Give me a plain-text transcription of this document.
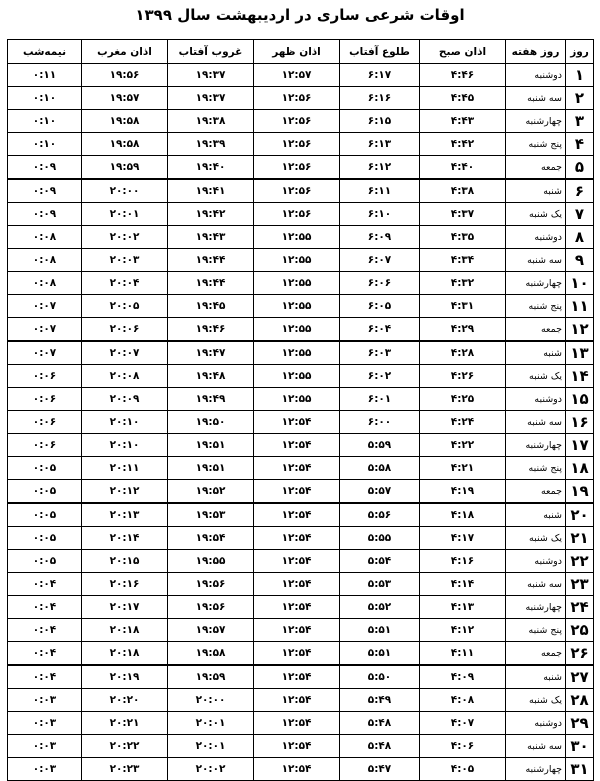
اوقات شرعی ساری در اردیبهشت سال ۱۳۹۹
روز	روز هفته	اذان صبح	طلوع آفتاب	اذان ظهر	غروب آفتاب	اذان مغرب	نیمه‌شب
۱	دوشنبه	۴:۴۶	۶:۱۷	۱۲:۵۷	۱۹:۳۷	۱۹:۵۶	۰:۱۱
۲	سه شنبه	۴:۴۵	۶:۱۶	۱۲:۵۶	۱۹:۳۷	۱۹:۵۷	۰:۱۰
۳	چهارشنبه	۴:۴۳	۶:۱۵	۱۲:۵۶	۱۹:۳۸	۱۹:۵۸	۰:۱۰
۴	پنج شنبه	۴:۴۲	۶:۱۳	۱۲:۵۶	۱۹:۳۹	۱۹:۵۸	۰:۱۰
۵	جمعه	۴:۴۰	۶:۱۲	۱۲:۵۶	۱۹:۴۰	۱۹:۵۹	۰:۰۹
۶	شنبه	۴:۳۸	۶:۱۱	۱۲:۵۶	۱۹:۴۱	۲۰:۰۰	۰:۰۹
۷	یک شنبه	۴:۳۷	۶:۱۰	۱۲:۵۶	۱۹:۴۲	۲۰:۰۱	۰:۰۹
۸	دوشنبه	۴:۳۵	۶:۰۹	۱۲:۵۵	۱۹:۴۳	۲۰:۰۲	۰:۰۸
۹	سه شنبه	۴:۳۴	۶:۰۷	۱۲:۵۵	۱۹:۴۴	۲۰:۰۳	۰:۰۸
۱۰	چهارشنبه	۴:۳۲	۶:۰۶	۱۲:۵۵	۱۹:۴۴	۲۰:۰۴	۰:۰۸
۱۱	پنج شنبه	۴:۳۱	۶:۰۵	۱۲:۵۵	۱۹:۴۵	۲۰:۰۵	۰:۰۷
۱۲	جمعه	۴:۲۹	۶:۰۴	۱۲:۵۵	۱۹:۴۶	۲۰:۰۶	۰:۰۷
۱۳	شنبه	۴:۲۸	۶:۰۳	۱۲:۵۵	۱۹:۴۷	۲۰:۰۷	۰:۰۷
۱۴	یک شنبه	۴:۲۶	۶:۰۲	۱۲:۵۵	۱۹:۴۸	۲۰:۰۸	۰:۰۶
۱۵	دوشنبه	۴:۲۵	۶:۰۱	۱۲:۵۵	۱۹:۴۹	۲۰:۰۹	۰:۰۶
۱۶	سه شنبه	۴:۲۴	۶:۰۰	۱۲:۵۴	۱۹:۵۰	۲۰:۱۰	۰:۰۶
۱۷	چهارشنبه	۴:۲۲	۵:۵۹	۱۲:۵۴	۱۹:۵۱	۲۰:۱۰	۰:۰۶
۱۸	پنج شنبه	۴:۲۱	۵:۵۸	۱۲:۵۴	۱۹:۵۱	۲۰:۱۱	۰:۰۵
۱۹	جمعه	۴:۱۹	۵:۵۷	۱۲:۵۴	۱۹:۵۲	۲۰:۱۲	۰:۰۵
۲۰	شنبه	۴:۱۸	۵:۵۶	۱۲:۵۴	۱۹:۵۳	۲۰:۱۳	۰:۰۵
۲۱	یک شنبه	۴:۱۷	۵:۵۵	۱۲:۵۴	۱۹:۵۴	۲۰:۱۴	۰:۰۵
۲۲	دوشنبه	۴:۱۶	۵:۵۴	۱۲:۵۴	۱۹:۵۵	۲۰:۱۵	۰:۰۵
۲۳	سه شنبه	۴:۱۴	۵:۵۳	۱۲:۵۴	۱۹:۵۶	۲۰:۱۶	۰:۰۴
۲۴	چهارشنبه	۴:۱۳	۵:۵۲	۱۲:۵۴	۱۹:۵۶	۲۰:۱۷	۰:۰۴
۲۵	پنج شنبه	۴:۱۲	۵:۵۱	۱۲:۵۴	۱۹:۵۷	۲۰:۱۸	۰:۰۴
۲۶	جمعه	۴:۱۱	۵:۵۱	۱۲:۵۴	۱۹:۵۸	۲۰:۱۸	۰:۰۴
۲۷	شنبه	۴:۰۹	۵:۵۰	۱۲:۵۴	۱۹:۵۹	۲۰:۱۹	۰:۰۴
۲۸	یک شنبه	۴:۰۸	۵:۴۹	۱۲:۵۴	۲۰:۰۰	۲۰:۲۰	۰:۰۳
۲۹	دوشنبه	۴:۰۷	۵:۴۸	۱۲:۵۴	۲۰:۰۱	۲۰:۲۱	۰:۰۳
۳۰	سه شنبه	۴:۰۶	۵:۴۸	۱۲:۵۴	۲۰:۰۱	۲۰:۲۲	۰:۰۳
۳۱	چهارشنبه	۴:۰۵	۵:۴۷	۱۲:۵۴	۲۰:۰۲	۲۰:۲۳	۰:۰۳
